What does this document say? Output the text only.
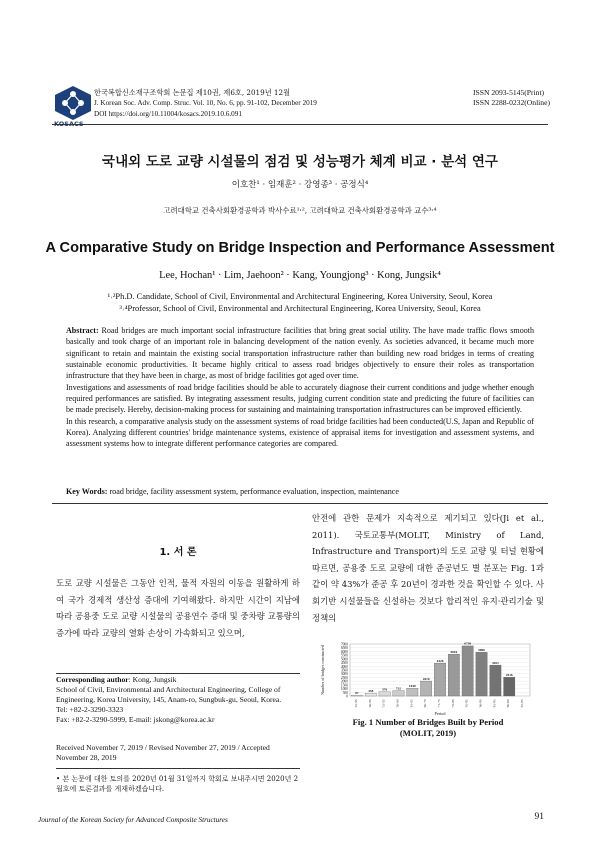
KOSACS
한국복합신소재구조학회 논문집 제10권, 제6호, 2019년 12월
J. Korean Soc. Adv. Comp. Struc. Vol. 10, No. 6, pp. 91-102, December 2019
DOI https://doi.org/10.11004/kosacs.2019.10.6.091
ISSN 2093-5145(Print)
ISSN 2288-0232(Online)
국내외 도로 교량 시설물의 점검 및 성능평가 체계 비교 · 분석 연구
이호찬¹ · 임재훈² · 강영종³ · 공정식⁴
고려대학교 건축사회환경공학과 박사수료¹˒², 고려대학교 건축사회환경공학과 교수³˒⁴
A Comparative Study on Bridge Inspection and Performance Assessment
Lee, Hochan¹ · Lim, Jaehoon² · Kang, Youngjong³ · Kong, Jungsik⁴
¹˒²Ph.D. Candidate, School of Civil, Environmental and Architectural Engineering, Korea University, Seoul, Korea
³˒⁴Professor, School of Civil, Environmental and Architectural Engineering, Korea University, Seoul, Korea

Abstract: Road bridges are much important social infrastructure facilities that bring great social utility. The have made traffic flows smooth basically and took charge of an important role in balancing development of the nation evenly. As societies advanced, it became much more significant to retain and maintain the existing social transportation infrastructure rather than building new road bridges in terms of creating sustainable economic productivities. It became highly critical to assess road bridges objectively to ensure their roles as transportation infrastructure that they have been in charge, as most of bridge facilities got aged over time.

Investigations and assessments of road bridge facilities should be able to accurately diagnose their current conditions and judge whether enough required performances are satisfied. By integrating assessment results, judging current condition state and predicting the future of facilities can be made precisely. Hereby, decision-making process for sustaining and maintaining transportation infrastructures can be improved efficiently.

In this research, a comparative analysis study on the assessment systems of road bridge facilities had been conducted(U.S, Japan and Republic of Korea). Analyzing different countries' bridge maintenance systems, existence of appraisal items for investigation and assessment systems, and assessment systems how to integrate different performance categories are compared.

Key Words: road bridge, facility assessment system, performance evaluation, inspection, maintenance
1. 서 론
도로 교량 시설물은 그동안 인적, 물적 자원의 이동을 원활하게 하여 국가 경제적 생산성 증대에 기여해왔다. 하지만 시간이 지남에 따라 공용중 도로 교량 시설물의 공용연수 증대 및 중차량 교통량의 증가에 따라 교량의 열화 손상이 가속화되고 있으며,
안전에 관한 문제가 지속적으로 제기되고 있다(Ji et al., 2011). 국토교통부(MOLIT, Ministry of Land, Infrastructure and Transport)의 도로 교량 및 터널 현황에 따르면, 공용중 도로 교량에 대한 준공년도 별 분포는 Fig. 1과 같이 약 43%가 준공 후 20년이 경과한 것을 확인할 수 있다. 사회기반 시설물들을 신설하는 것보다 합리적인 유지·관리기술 및 정책의
Corresponding author: Kong, Jungsik
School of Civil, Environmental and Architectural Engineering, College of Engineering, Korea University, 145, Anam-ro, Sungbuk-gu, Seoul, Korea.
Tel: +82-2-3290-3323
Fax: +82-2-3290-5999, E-mail: jskong@korea.ac.kr
Received November 7, 2019 / Revised November 27, 2019 / Accepted November 28, 2019
• 본 논문에 대한 토의를 2020년 01월 31일까지 학회로 보내주시면 2020년 2월호에 토론결과를 게재하겠습니다.
0
500
1000
1500
2000
2500
3000
3500
4000
4500
5000
5500
6000
6500
7000
Number of bridges constructed
Period
'41-'45
87
'46-'50
358
'51-'55
576
'56-'60
732
'61-'65
1040
'66-'70
2010
'71-'75
4426
'76-'80
5616
'81-'85
6739
'86-'90
5896
'91-'95
4161
'96-'00
2516
'01-'05
Fig. 1 Number of Bridges Built by Period
(MOLIT, 2019)
Journal of the Korean Society for Advanced Composite Structures	91
